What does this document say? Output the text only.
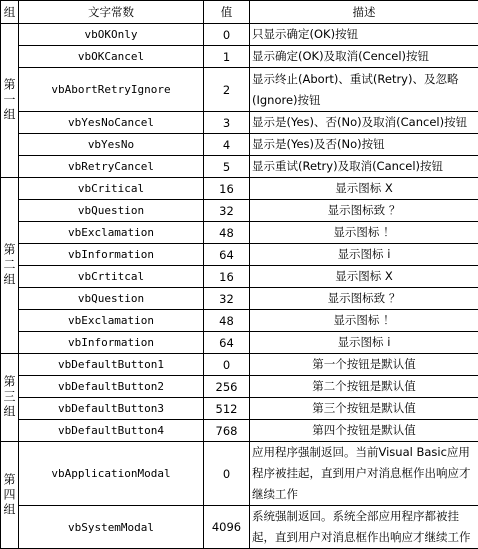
组	文字常数	值	描述
第一组	vbOKOnly	0	只显示确定(OK)按钮
	vbOKCancel	1	显示确定(OK)及取消(Cencel)按钮
	vbAbortRetryIgnore	2	显示终止(Abort)、重试(Retry)、及忽略(Ignore)按钮
	vbYesNoCancel	3	显示是(Yes)、否(No)及取消(Cancel)按钮
	vbYesNo	4	显示是(Yes)及否(No)按钮
	vbRetryCancel	5	显示重试(Retry)及取消(Cancel)按钮
第二组	vbCritical	16	显示图标 X
	vbQuestion	32	显示图标致 ？
	vbExclamation	48	显示图标 ！
	vbInformation	64	显示图标 i
	vbCrtitcal	16	显示图标 X
	vbQuestion	32	显示图标致 ？
	vbExclamation	48	显示图标 ！
	vbInformation	64	显示图标 i
第三组	vbDefaultButton1	0	第一个按钮是默认值
	vbDefaultButton2	256	第二个按钮是默认值
	vbDefaultButton3	512	第三个按钮是默认值
	vbDefaultButton4	768	第四个按钮是默认值
第四组	vbApplicationModal	0	应用程序强制返回。当前Visual Basic应用程序被挂起，直到用户对消息框作出响应才继续工作
	vbSystemModal	4096	系统强制返回。系统全部应用程序都被挂起，直到用户对消息框作出响应才继续工作
